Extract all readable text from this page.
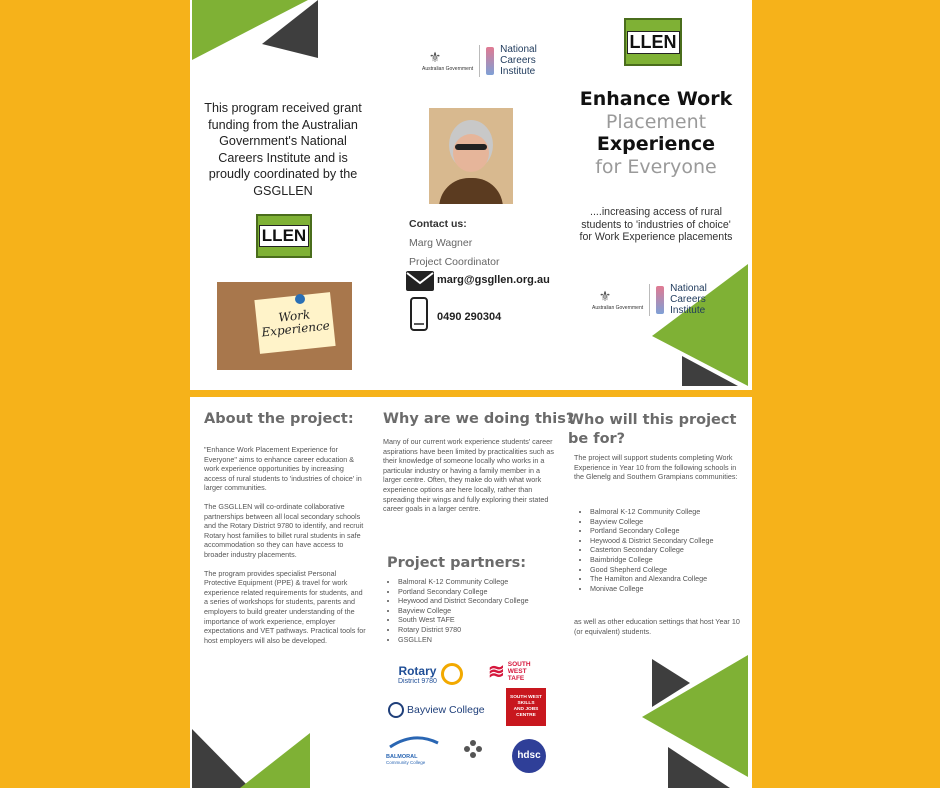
This program received grant funding from the Australian Government's National Careers Institute and is proudly coordinated by the GSGLLEN
LLEN
Work Experience
⚜
Australian Government
National Careers Institute
Contact us:
Marg Wagner
Project Coordinator
marg@gsgllen.org.au
0490 290304
LLEN
Enhance Work
Placement
Experience
for Everyone
....increasing access of rural students to 'industries of choice' for Work Experience placements
⚜
Australian Government
National Careers Institute
About the project:

"Enhance Work Placement Experience for Everyone" aims to enhance career education & work experience opportunities by increasing access of rural students to 'industries of choice' in larger communities.

The GSGLLEN will co-ordinate collaborative partnerships between all local secondary schools and the Rotary District 9780 to identify, and recruit Rotary host families to billet rural students in safe accommodation so they can have access to broader industry placements.

The program provides specialist Personal Protective Equipment (PPE) & travel for work experience related requirements for students, and a series of workshops for students, parents and employers to build greater understanding of the importance of work experience, employer expectations and VET pathways. Practical tools for host employers will also be developed.

Why are we doing this?
Many of our current work experience students' career aspirations have been limited by practicalities such as their knowledge of someone locally who works in a particular industry or having a family member in a larger centre. Often, they make do with what work experience options are here locally, rather than spreading their wings and fully exploring their stated career goals in a larger centre.
Project partners:
• Balmoral K-12 Community College
• Portland Secondary College
• Heywood and District Secondary College
• Bayview College
• South West TAFE
• Rotary District 9780
• GSGLLEN
Rotary
District 9780	≋ SOUTH
WEST
TAFE
Bayview College
SOUTH WEST
SKILLS
AND JOBS
CENTRE
BALMORAL
Community College
hdsc
Who will this project
be for?
The project will support students completing Work Experience in Year 10 from the following schools in the Glenelg and Southern Grampians communities:
• Balmoral K-12 Community College
• Bayview College
• Portland Secondary College
• Heywood & District Secondary College
• Casterton Secondary College
• Baimbridge College
• Good Shepherd College
• The Hamilton and Alexandra College
• Monivae College
as well as other education settings that host Year 10 (or equivalent) students.
